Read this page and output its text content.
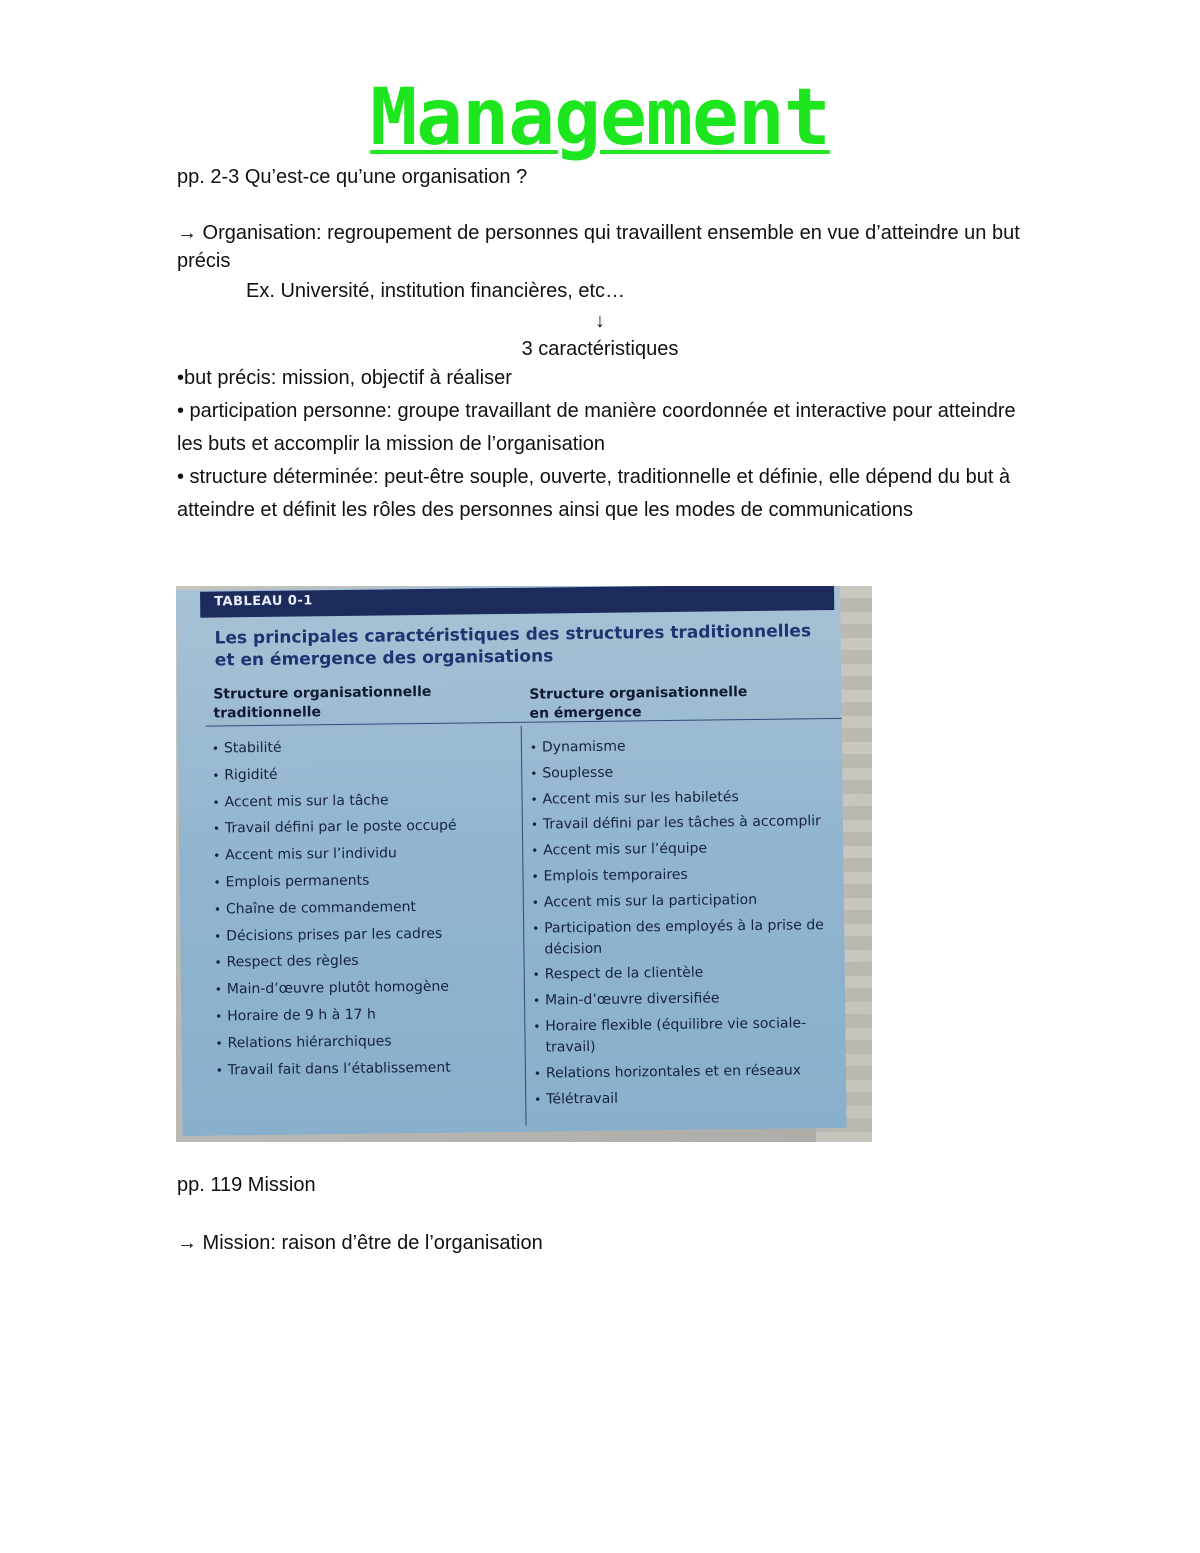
Management
pp. 2-3 Qu’est-ce qu’une organisation ?
→ Organisation: regroupement de personnes qui travaillent ensemble en vue d’atteindre un but précis
Ex. Université, institution financières, etc…
↓
3 caractéristiques
•but précis: mission, objectif à réaliser
• participation personne: groupe travaillant de manière coordonnée et interactive pour atteindre les buts et accomplir la mission de l’organisation
• structure déterminée: peut-être souple, ouverte, traditionnelle et définie, elle dépend du but à atteindre et définit les rôles des personnes ainsi que les modes de communications
TABLEAU 0-1
Les principales caractéristiques des structures traditionnelles et en émergence des organisations
Structure organisationnelle
traditionnelle
Structure organisationnelle
en émergence
• Stabilité
• Rigidité
• Accent mis sur la tâche
• Travail défini par le poste occupé
• Accent mis sur l’individu
• Emplois permanents
• Chaîne de commandement
• Décisions prises par les cadres
• Respect des règles
• Main-d’œuvre plutôt homogène
• Horaire de 9 h à 17 h
• Relations hiérarchiques
• Travail fait dans l’établissement
• Dynamisme
• Souplesse
• Accent mis sur les habiletés
• Travail défini par les tâches à accomplir
• Accent mis sur l’équipe
• Emplois temporaires
• Accent mis sur la participation
• Participation des employés à la prise de décision
• Respect de la clientèle
• Main-d’œuvre diversifiée
• Horaire flexible (équilibre vie sociale-travail)
• Relations horizontales et en réseaux
• Télétravail
pp. 119 Mission
→ Mission: raison d’être de l’organisation
